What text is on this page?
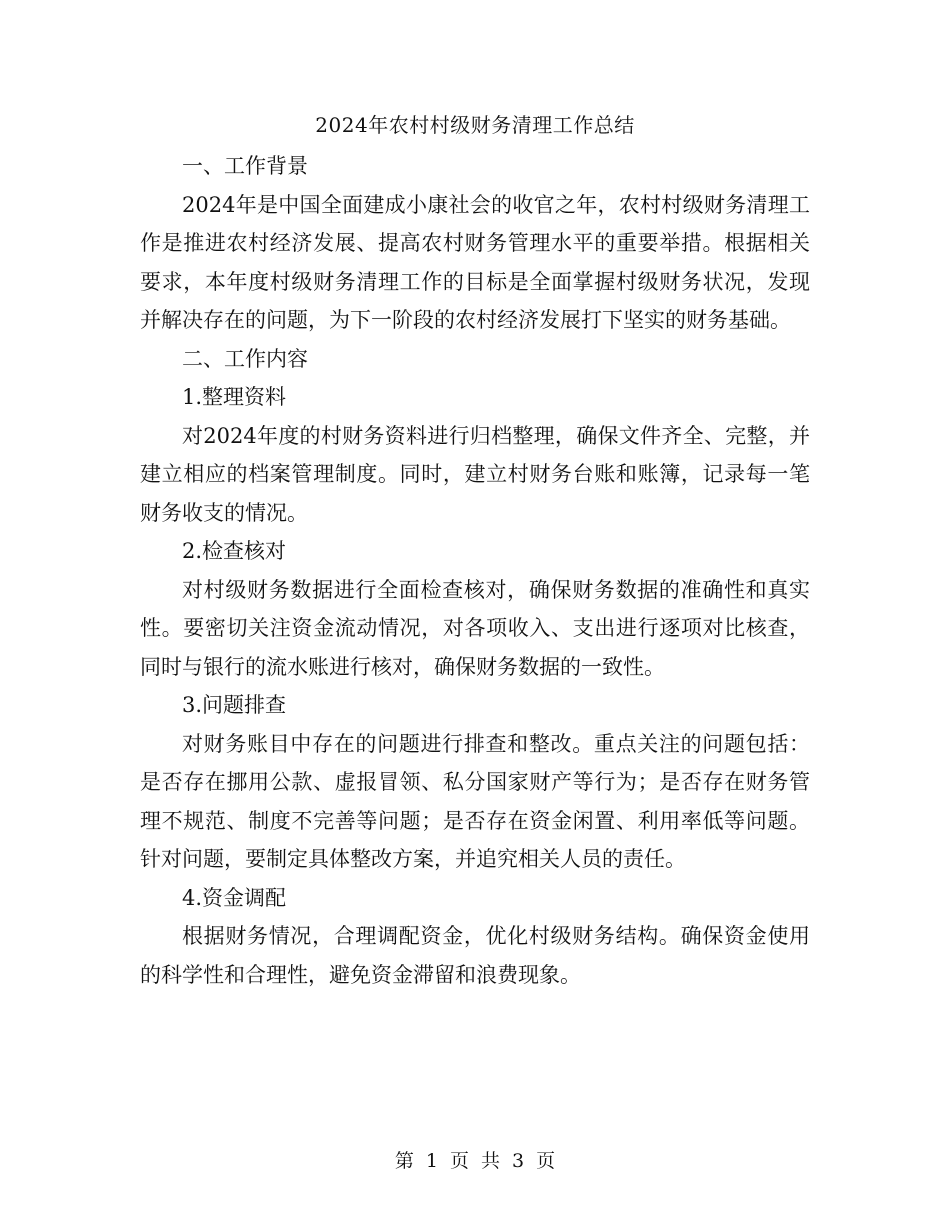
2024年农村村级财务清理工作总结

一、工作背景

2024年是中国全面建成小康社会的收官之年，农村村级财务清理工作是推进农村经济发展、提高农村财务管理水平的重要举措。根据相关要求，本年度村级财务清理工作的目标是全面掌握村级财务状况，发现并解决存在的问题，为下一阶段的农村经济发展打下坚实的财务基础。

二、工作内容

1.整理资料

对2024年度的村财务资料进行归档整理，确保文件齐全、完整，并建立相应的档案管理制度。同时，建立村财务台账和账簿，记录每一笔财务收支的情况。

2.检查核对

对村级财务数据进行全面检查核对，确保财务数据的准确性和真实性。要密切关注资金流动情况，对各项收入、支出进行逐项对比核查，同时与银行的流水账进行核对，确保财务数据的一致性。

3.问题排查

对财务账目中存在的问题进行排查和整改。重点关注的问题包括：是否存在挪用公款、虚报冒领、私分国家财产等行为；是否存在财务管理不规范、制度不完善等问题；是否存在资金闲置、利用率低等问题。针对问题，要制定具体整改方案，并追究相关人员的责任。

4.资金调配

根据财务情况，合理调配资金，优化村级财务结构。确保资金使用的科学性和合理性，避免资金滞留和浪费现象。

第 1 页 共 3 页
